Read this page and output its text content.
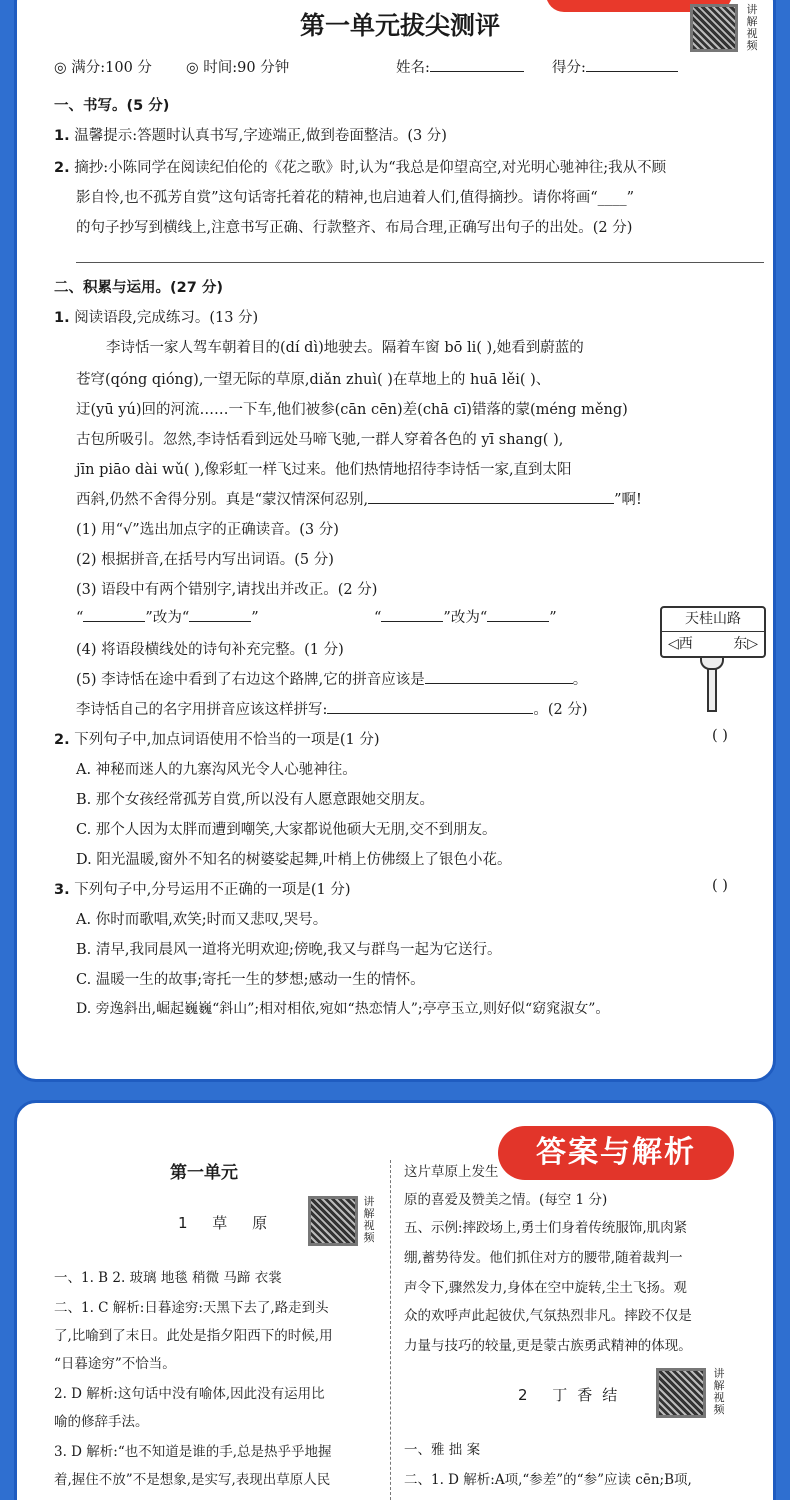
讲解视频
第一单元拔尖测评
◎ 满分:100 分 ◎ 时间:90 分钟	姓名:	得分:
一、书写。(5 分)
1. 温馨提示:答题时认真书写,字迹端正,做到卷面整洁。(3 分)
2. 摘抄:小陈同学在阅读纪伯伦的《花之歌》时,认为“我总是仰望高空,对光明心驰神往;我从不顾
影自怜,也不孤芳自赏”这句话寄托着花的精神,也启迪着人们,值得摘抄。请你将画“____”
的句子抄写到横线上,注意书写正确、行款整齐、布局合理,正确写出句子的出处。(2 分)
二、积累与运用。(27 分)
1. 阅读语段,完成练习。(13 分)
李诗恬一家人驾车朝着目的(dí dì)地驶去。隔着车窗 bō li( ),她看到蔚蓝的
苍穹(qóng qióng),一望无际的草原,diǎn zhuì( )在草地上的 huā lěi( )、
迂(yū yú)回的河流……一下车,他们被参(cān cēn)差(chā cī)错落的蒙(méng měng)
古包所吸引。忽然,李诗恬看到远处马啼飞驰,一群人穿着各色的 yī shang( ),
jīn piāo dài wǔ( ),像彩虹一样飞过来。他们热情地招待李诗恬一家,直到太阳
西斜,仍然不舍得分别。真是“蒙汉情深何忍别,	”啊!
(1) 用“√”选出加点字的正确读音。(3 分)
(2) 根据拼音,在括号内写出词语。(5 分)
(3) 语段中有两个错别字,请找出并改正。(2 分)
“	”改为“	”	“	”改为“	”
(4) 将语段横线处的诗句补充完整。(1 分)
(5) 李诗恬在途中看到了右边这个路牌,它的拼音应该是	。
李诗恬自己的名字用拼音应该这样拼写:	。(2 分)
天桂山路
◁西	东▷
2. 下列句子中,加点词语使用不恰当的一项是(1 分)	( )
A. 神秘而迷人的九寨沟风光令人心驰神往。
B. 那个女孩经常孤芳自赏,所以没有人愿意跟她交朋友。
C. 那个人因为太胖而遭到嘲笑,大家都说他硕大无朋,交不到朋友。
D. 阳光温暖,窗外不知名的树婆娑起舞,叶梢上仿佛缀上了银色小花。
3. 下列句子中,分号运用不正确的一项是(1 分)	( )
A. 你时而歌唱,欢笑;时而又悲叹,哭号。
B. 清早,我同晨风一道将光明欢迎;傍晚,我又与群鸟一起为它送行。
C. 温暖一生的故事;寄托一生的梦想;感动一生的情怀。
D. 旁逸斜出,崛起巍巍“斜山”;相对相依,宛如“热恋情人”;亭亭玉立,则好似“窈窕淑女”。
答案与解析
第一单元
1 草 原
讲解视频
一、1. B 2. 玻璃 地毯 稍微 马蹄 衣裳
二、1. C 解析:日暮途穷:天黑下去了,路走到头
了,比喻到了末日。此处是指夕阳西下的时候,用
“日暮途穷”不恰当。
2. D 解析:这句话中没有喻体,因此没有运用比
喻的修辞手法。
3. D 解析:“也不知道是谁的手,总是热乎乎地握
着,握住不放”不是想象,是实写,表现出草原人民
这片草原上发生
原的喜爱及赞美之情。(每空 1 分)
五、示例:摔跤场上,勇士们身着传统服饰,肌肉紧
绷,蓄势待发。他们抓住对方的腰带,随着裁判一
声令下,骤然发力,身体在空中旋转,尘土飞扬。观
众的欢呼声此起彼伏,气氛热烈非凡。摔跤不仅是
力量与技巧的较量,更是蒙古族勇武精神的体现。
2 丁香结
讲解视频
一、雅 拙 案
二、1. D 解析:A项,“参差”的“参”应读 cēn;B项,
